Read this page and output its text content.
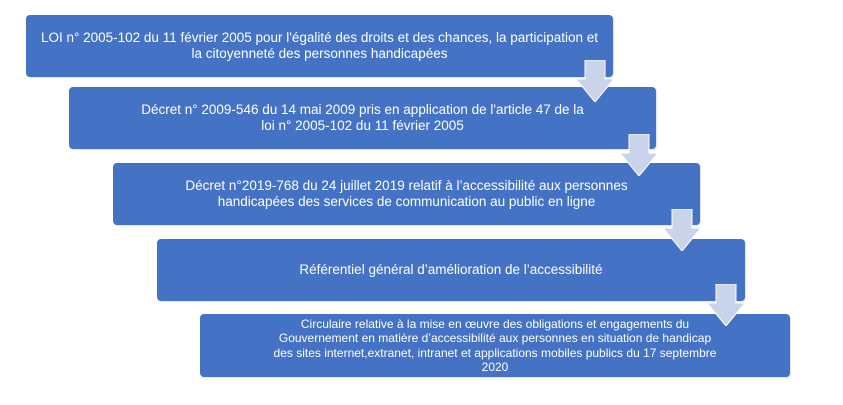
LOI n° 2005-102 du 11 février 2005 pour l'égalité des droits et des chances, la participation et la citoyenneté des personnes handicapées
Décret n° 2009-546 du 14 mai 2009 pris en application de l'article 47 de la loi n° 2005-102 du 11 février 2005
Décret n°2019-768 du 24 juillet 2019 relatif à l’accessibilité aux personnes handicapées des services de communication au public en ligne
Référentiel général d’amélioration de l’accessibilité
Circulaire relative à la mise en œuvre des obligations et engagements du Gouvernement en matière d’accessibilité aux personnes en situation de handicap des sites internet,extranet, intranet et applications mobiles publics du 17 septembre 2020
